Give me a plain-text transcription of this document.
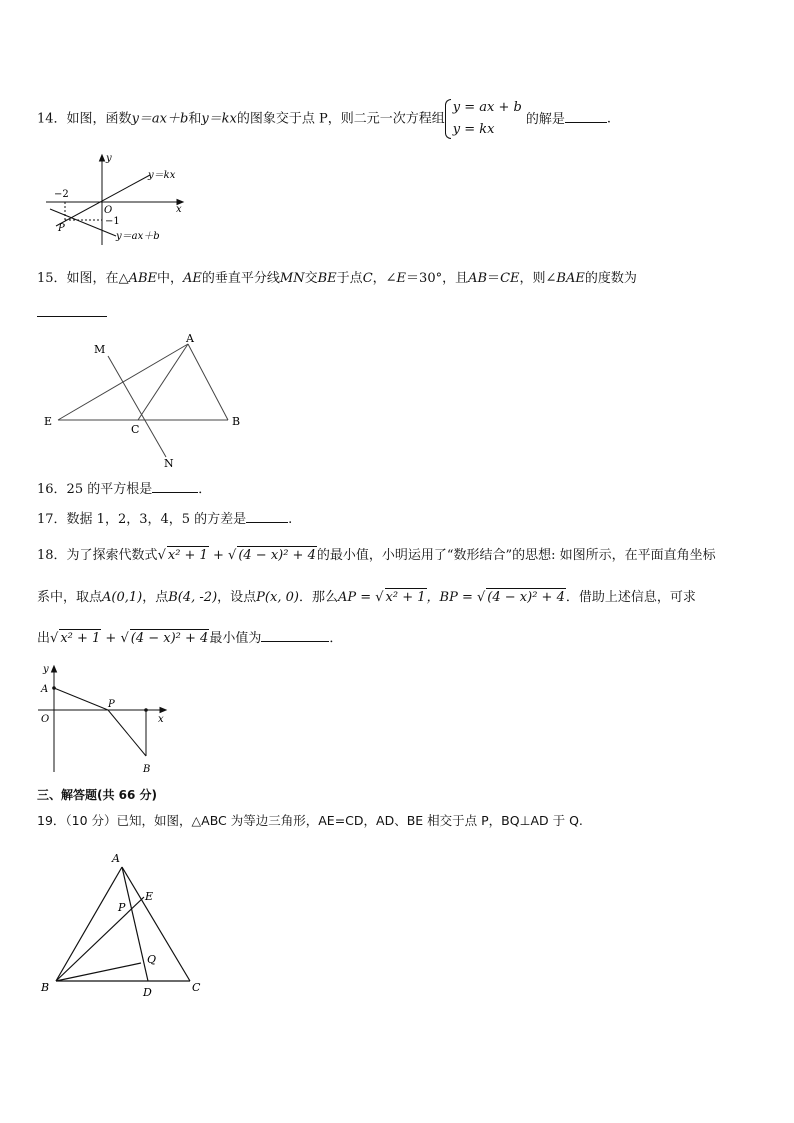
14．如图，函数y＝ax＋b和y＝kx的图象交于点 P，则二元一次方程组y = ax + b
y = kx的解是	.
y
x
O
P
−2
−1
y＝kx
y＝ax＋b
15．如图，在△ABE中，AE的垂直平分线MN交BE于点C，∠E＝30°，且AB＝CE，则∠BAE的度数为
A
M
E
C
B
N
16．25 的平方根是	．
17．数据 1，2，3，4，5 的方差是	.
18．为了探索代数式√ x² + 1 + √ (4 − x)² + 4的最小值，小明运用了“数形结合”的思想: 如图所示，在平面直角坐标
系中，取点A(0,1)，点B(4, -2)，设点P(x, 0)．那么AP = √ x² + 1，BP = √ (4 − x)² + 4．借助上述信息，可求
出√ x² + 1 + √ (4 − x)² + 4最小值为	．
y
A
O
P
x
B
三、解答题(共 66 分)
19．（10 分）已知，如图，△ABC 为等边三角形，AE=CD，AD、BE 相交于点 P，BQ⊥AD 于 Q.
A
E
P
Q
B	D	C
